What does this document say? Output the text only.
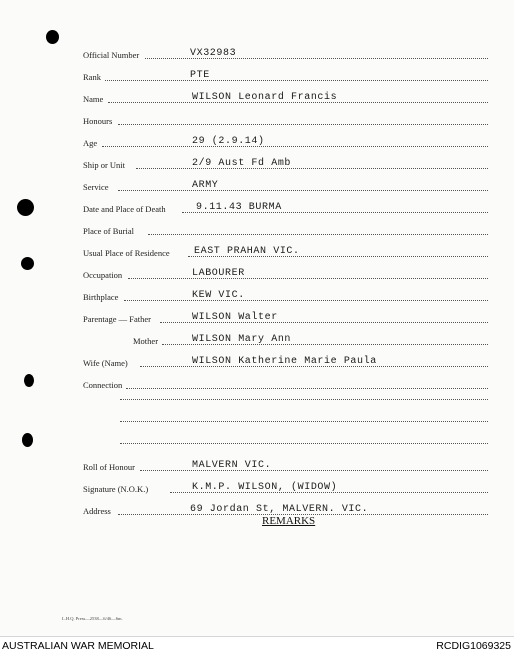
Official Number	VX32983
Rank	PTE
Name	WILSON Leonard Francis
Honours
Age	29 (2.9.14)
Ship or Unit	2/9 Aust Fd Amb
Service	ARMY
Date and Place of Death	9.11.43 BURMA
Place of Burial
Usual Place of Residence EAST PRAHAN VIC.
Occupation	LABOURER
Birthplace	KEW VIC.
Parentage — Father	WILSON Walter
Mother	WILSON Mary Ann
Wife (Name)	WILSON Katherine Marie Paula
Connection
Roll of Honour	MALVERN VIC.
Signature (N.O.K.)	K.M.P. WILSON, (WIDOW)
Address	69 Jordan St, MALVERN. VIC.
REMARKS
L.H.Q. Press—2538—6/46—6m.
AUSTRALIAN WAR MEMORIAL	RCDIG1069325
